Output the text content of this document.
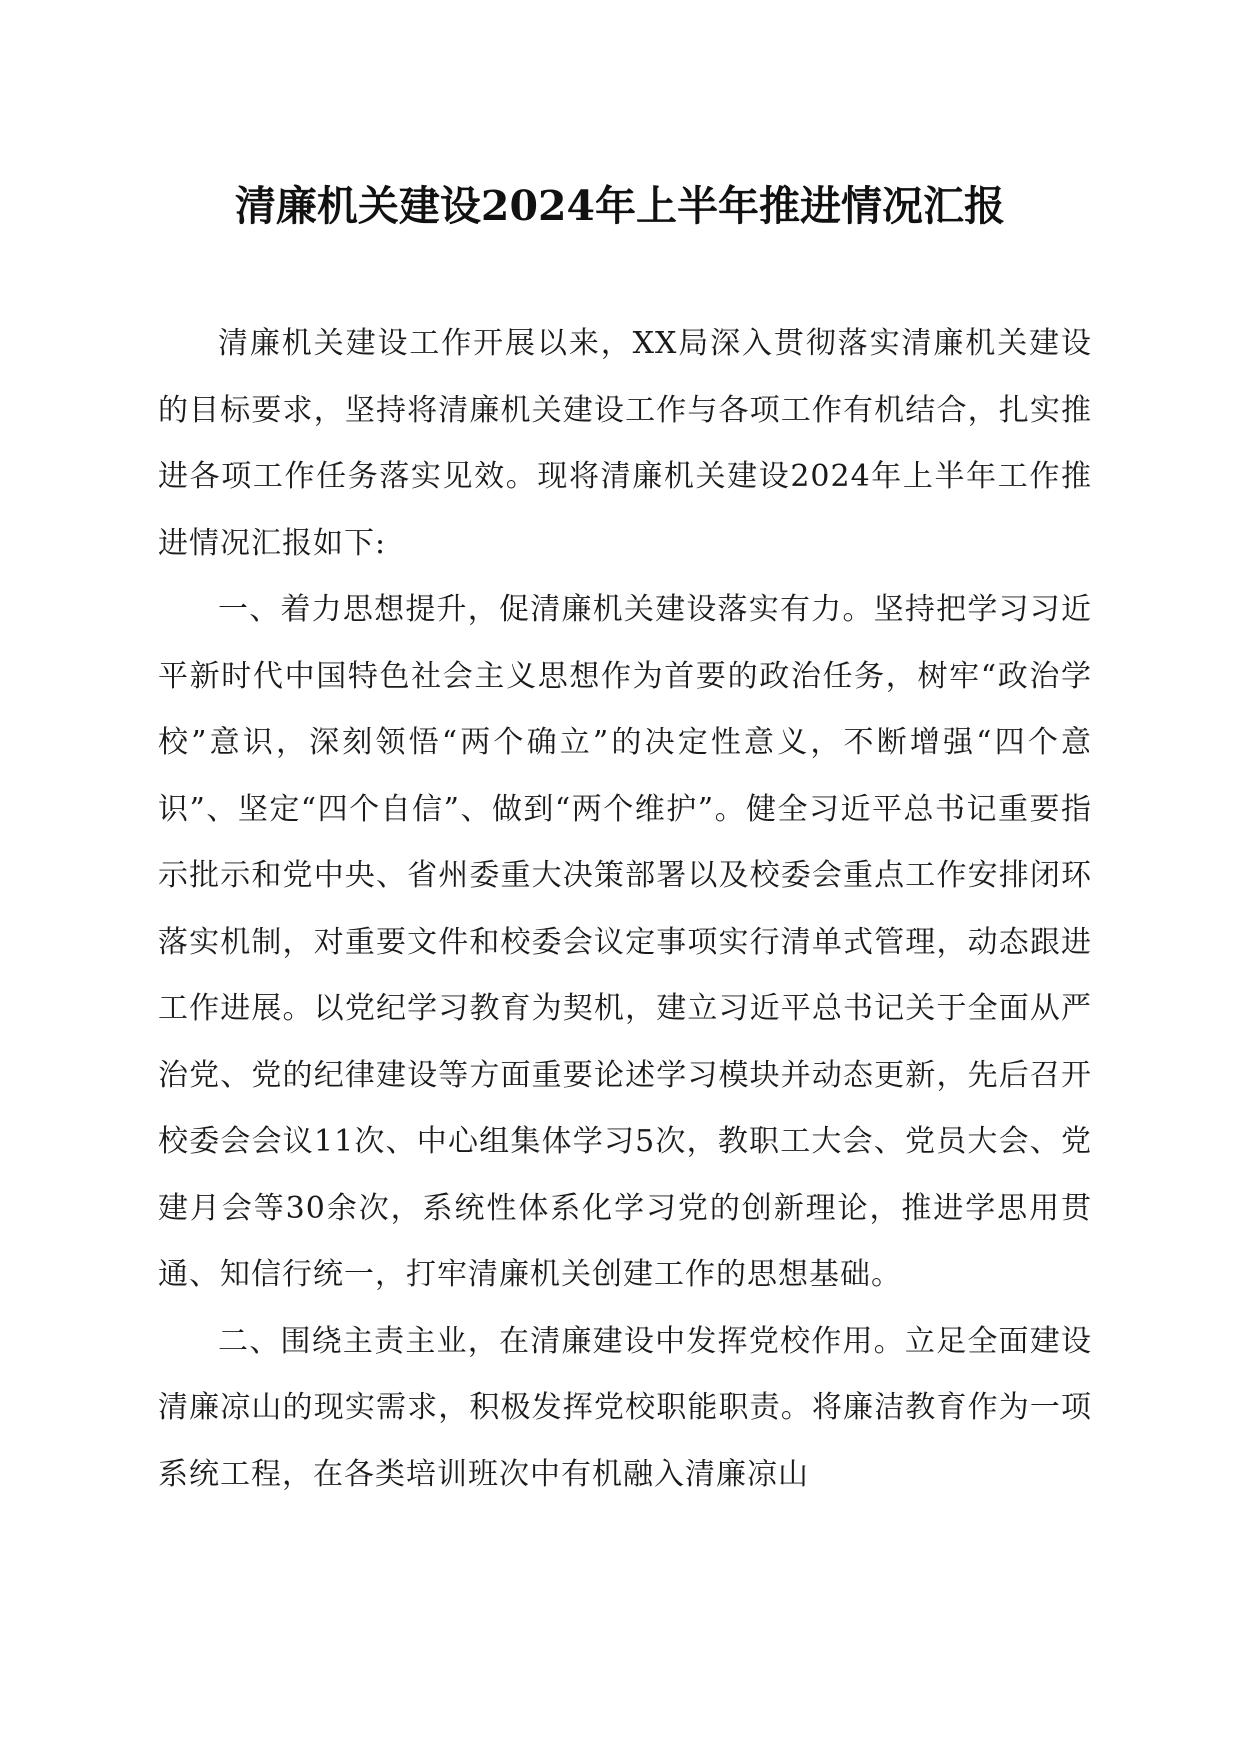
清廉机关建设2024年上半年推进情况汇报

清廉机关建设工作开展以来，XX局深入贯彻落实清廉机关建设的目标要求，坚持将清廉机关建设工作与各项工作有机结合，扎实推进各项工作任务落实见效。现将清廉机关建设2024年上半年工作推进情况汇报如下:

一、着力思想提升，促清廉机关建设落实有力。坚持把学习习近平新时代中国特色社会主义思想作为首要的政治任务，树牢“政治学校”意识，深刻领悟“两个确立”的决定性意义，不断增强“四个意识”、坚定“四个自信”、做到“两个维护”。健全习近平总书记重要指示批示和党中央、省州委重大决策部署以及校委会重点工作安排闭环落实机制，对重要文件和校委会议定事项实行清单式管理，动态跟进工作进展。以党纪学习教育为契机，建立习近平总书记关于全面从严治党、党的纪律建设等方面重要论述学习模块并动态更新，先后召开校委会会议11次、中心组集体学习5次，教职工大会、党员大会、党建月会等30余次，系统性体系化学习党的创新理论，推进学思用贯通、知信行统一，打牢清廉机关创建工作的思想基础。

二、围绕主责主业，在清廉建设中发挥党校作用。立足全面建设清廉凉山的现实需求，积极发挥党校职能职责。将廉洁教育作为一项系统工程，在各类培训班次中有机融入清廉凉山
